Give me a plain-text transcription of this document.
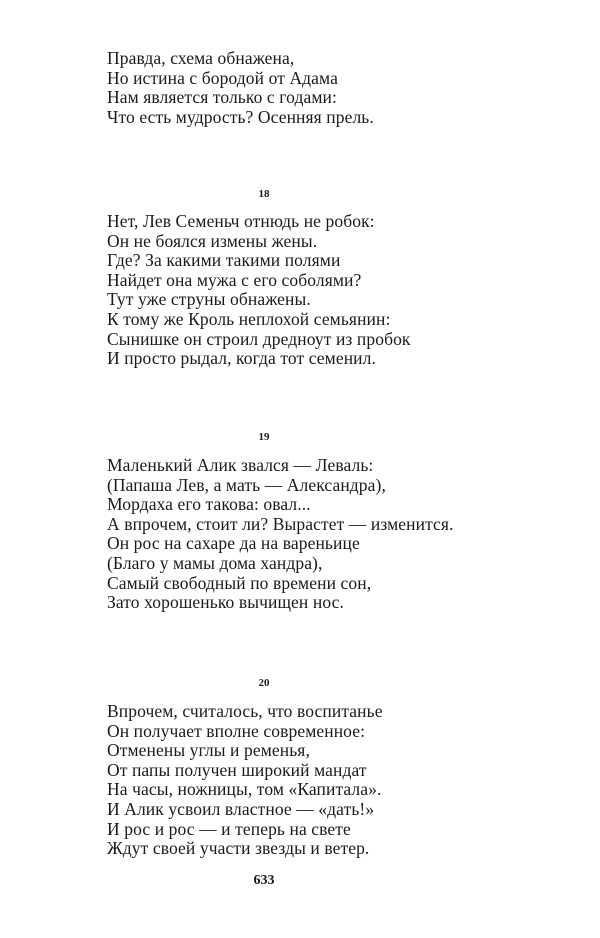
Правда, схема обнажена,
Но истина с бородой от Адама
Нам является только с годами:
Что есть мудрость? Осенняя прель.
18
Нет, Лев Семеньч отнюдь не робок:
Он не боялся измены жены.
Где? За какими такими полями
Найдет она мужа с его соболями?
Тут уже струны обнажены.
К тому же Кроль неплохой семьянин:
Сынишке он строил дредноут из пробок
И просто рыдал, когда тот семенил.
19
Маленький Алик звался — Леваль:
(Папаша Лев, а мать — Александра),
Мордаха его такова: овал...
А впрочем, стоит ли? Вырастет — изменится.
Он рос на сахаре да на вареньице
(Благо у мамы дома хандра),
Самый свободный по времени сон,
Зато хорошенько вычищен нос.
20
Впрочем, считалось, что воспитанье
Он получает вполне современное:
Отменены углы и ременья,
От папы получен широкий мандат
На часы, ножницы, том «Капитала».
И Алик усвоил властное — «дать!»
И рос и рос — и теперь на свете
Ждут своей участи звезды и ветер.
633
